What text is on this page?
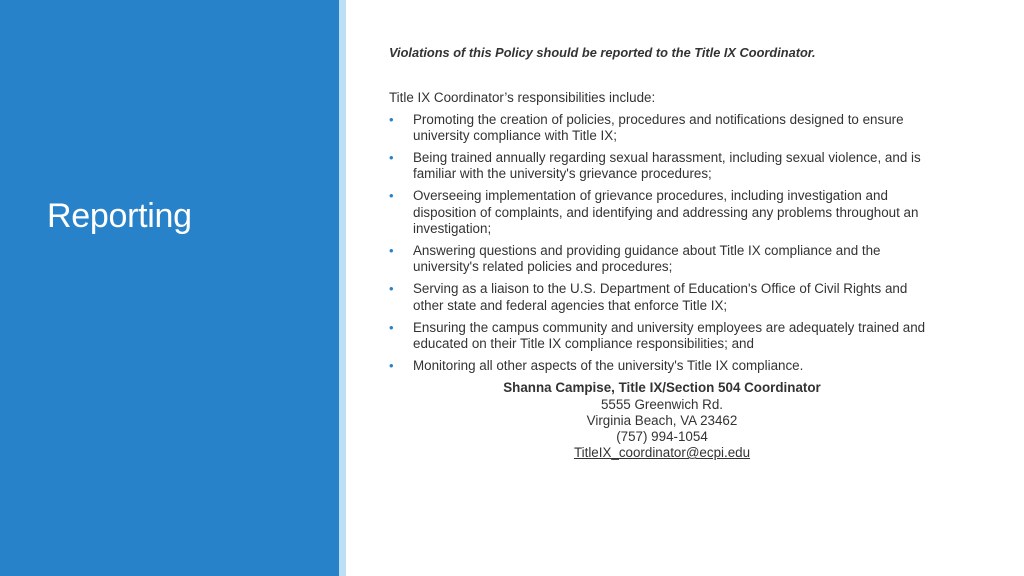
Reporting

Violations of this Policy should be reported to the Title IX Coordinator.

Title IX Coordinator’s responsibilities include:

• Promoting the creation of policies, procedures and notifications designed to ensure university compliance with Title IX;
• Being trained annually regarding sexual harassment, including sexual violence, and is familiar with the university's grievance procedures;
• Overseeing implementation of grievance procedures, including investigation and disposition of complaints, and identifying and addressing any problems throughout an investigation;
• Answering questions and providing guidance about Title IX compliance and the university's related policies and procedures;
• Serving as a liaison to the U.S. Department of Education's Office of Civil Rights and other state and federal agencies that enforce Title IX;
• Ensuring the campus community and university employees are adequately trained and educated on their Title IX compliance responsibilities; and
• Monitoring all other aspects of the university's Title IX compliance.
Shanna Campise, Title IX/Section 504 Coordinator
5555 Greenwich Rd.
Virginia Beach, VA 23462
(757) 994-1054
TitleIX_coordinator@ecpi.edu
